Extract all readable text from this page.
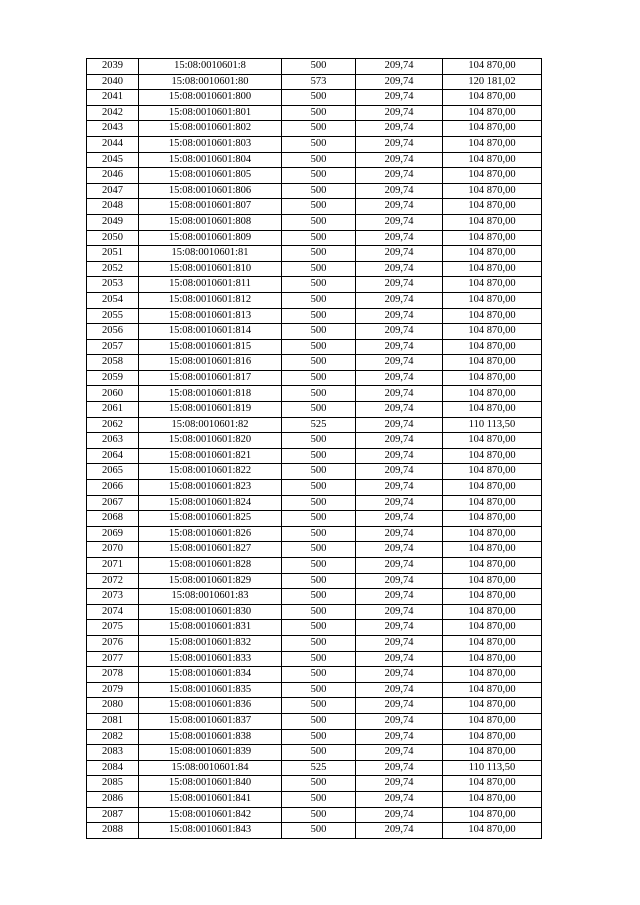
2039	15:08:0010601:8	500	209,74	104 870,00
2040	15:08:0010601:80	573	209,74	120 181,02
2041	15:08:0010601:800	500	209,74	104 870,00
2042	15:08:0010601:801	500	209,74	104 870,00
2043	15:08:0010601:802	500	209,74	104 870,00
2044	15:08:0010601:803	500	209,74	104 870,00
2045	15:08:0010601:804	500	209,74	104 870,00
2046	15:08:0010601:805	500	209,74	104 870,00
2047	15:08:0010601:806	500	209,74	104 870,00
2048	15:08:0010601:807	500	209,74	104 870,00
2049	15:08:0010601:808	500	209,74	104 870,00
2050	15:08:0010601:809	500	209,74	104 870,00
2051	15:08:0010601:81	500	209,74	104 870,00
2052	15:08:0010601:810	500	209,74	104 870,00
2053	15:08:0010601:811	500	209,74	104 870,00
2054	15:08:0010601:812	500	209,74	104 870,00
2055	15:08:0010601:813	500	209,74	104 870,00
2056	15:08:0010601:814	500	209,74	104 870,00
2057	15:08:0010601:815	500	209,74	104 870,00
2058	15:08:0010601:816	500	209,74	104 870,00
2059	15:08:0010601:817	500	209,74	104 870,00
2060	15:08:0010601:818	500	209,74	104 870,00
2061	15:08:0010601:819	500	209,74	104 870,00
2062	15:08:0010601:82	525	209,74	110 113,50
2063	15:08:0010601:820	500	209,74	104 870,00
2064	15:08:0010601:821	500	209,74	104 870,00
2065	15:08:0010601:822	500	209,74	104 870,00
2066	15:08:0010601:823	500	209,74	104 870,00
2067	15:08:0010601:824	500	209,74	104 870,00
2068	15:08:0010601:825	500	209,74	104 870,00
2069	15:08:0010601:826	500	209,74	104 870,00
2070	15:08:0010601:827	500	209,74	104 870,00
2071	15:08:0010601:828	500	209,74	104 870,00
2072	15:08:0010601:829	500	209,74	104 870,00
2073	15:08:0010601:83	500	209,74	104 870,00
2074	15:08:0010601:830	500	209,74	104 870,00
2075	15:08:0010601:831	500	209,74	104 870,00
2076	15:08:0010601:832	500	209,74	104 870,00
2077	15:08:0010601:833	500	209,74	104 870,00
2078	15:08:0010601:834	500	209,74	104 870,00
2079	15:08:0010601:835	500	209,74	104 870,00
2080	15:08:0010601:836	500	209,74	104 870,00
2081	15:08:0010601:837	500	209,74	104 870,00
2082	15:08:0010601:838	500	209,74	104 870,00
2083	15:08:0010601:839	500	209,74	104 870,00
2084	15:08:0010601:84	525	209,74	110 113,50
2085	15:08:0010601:840	500	209,74	104 870,00
2086	15:08:0010601:841	500	209,74	104 870,00
2087	15:08:0010601:842	500	209,74	104 870,00
2088	15:08:0010601:843	500	209,74	104 870,00
